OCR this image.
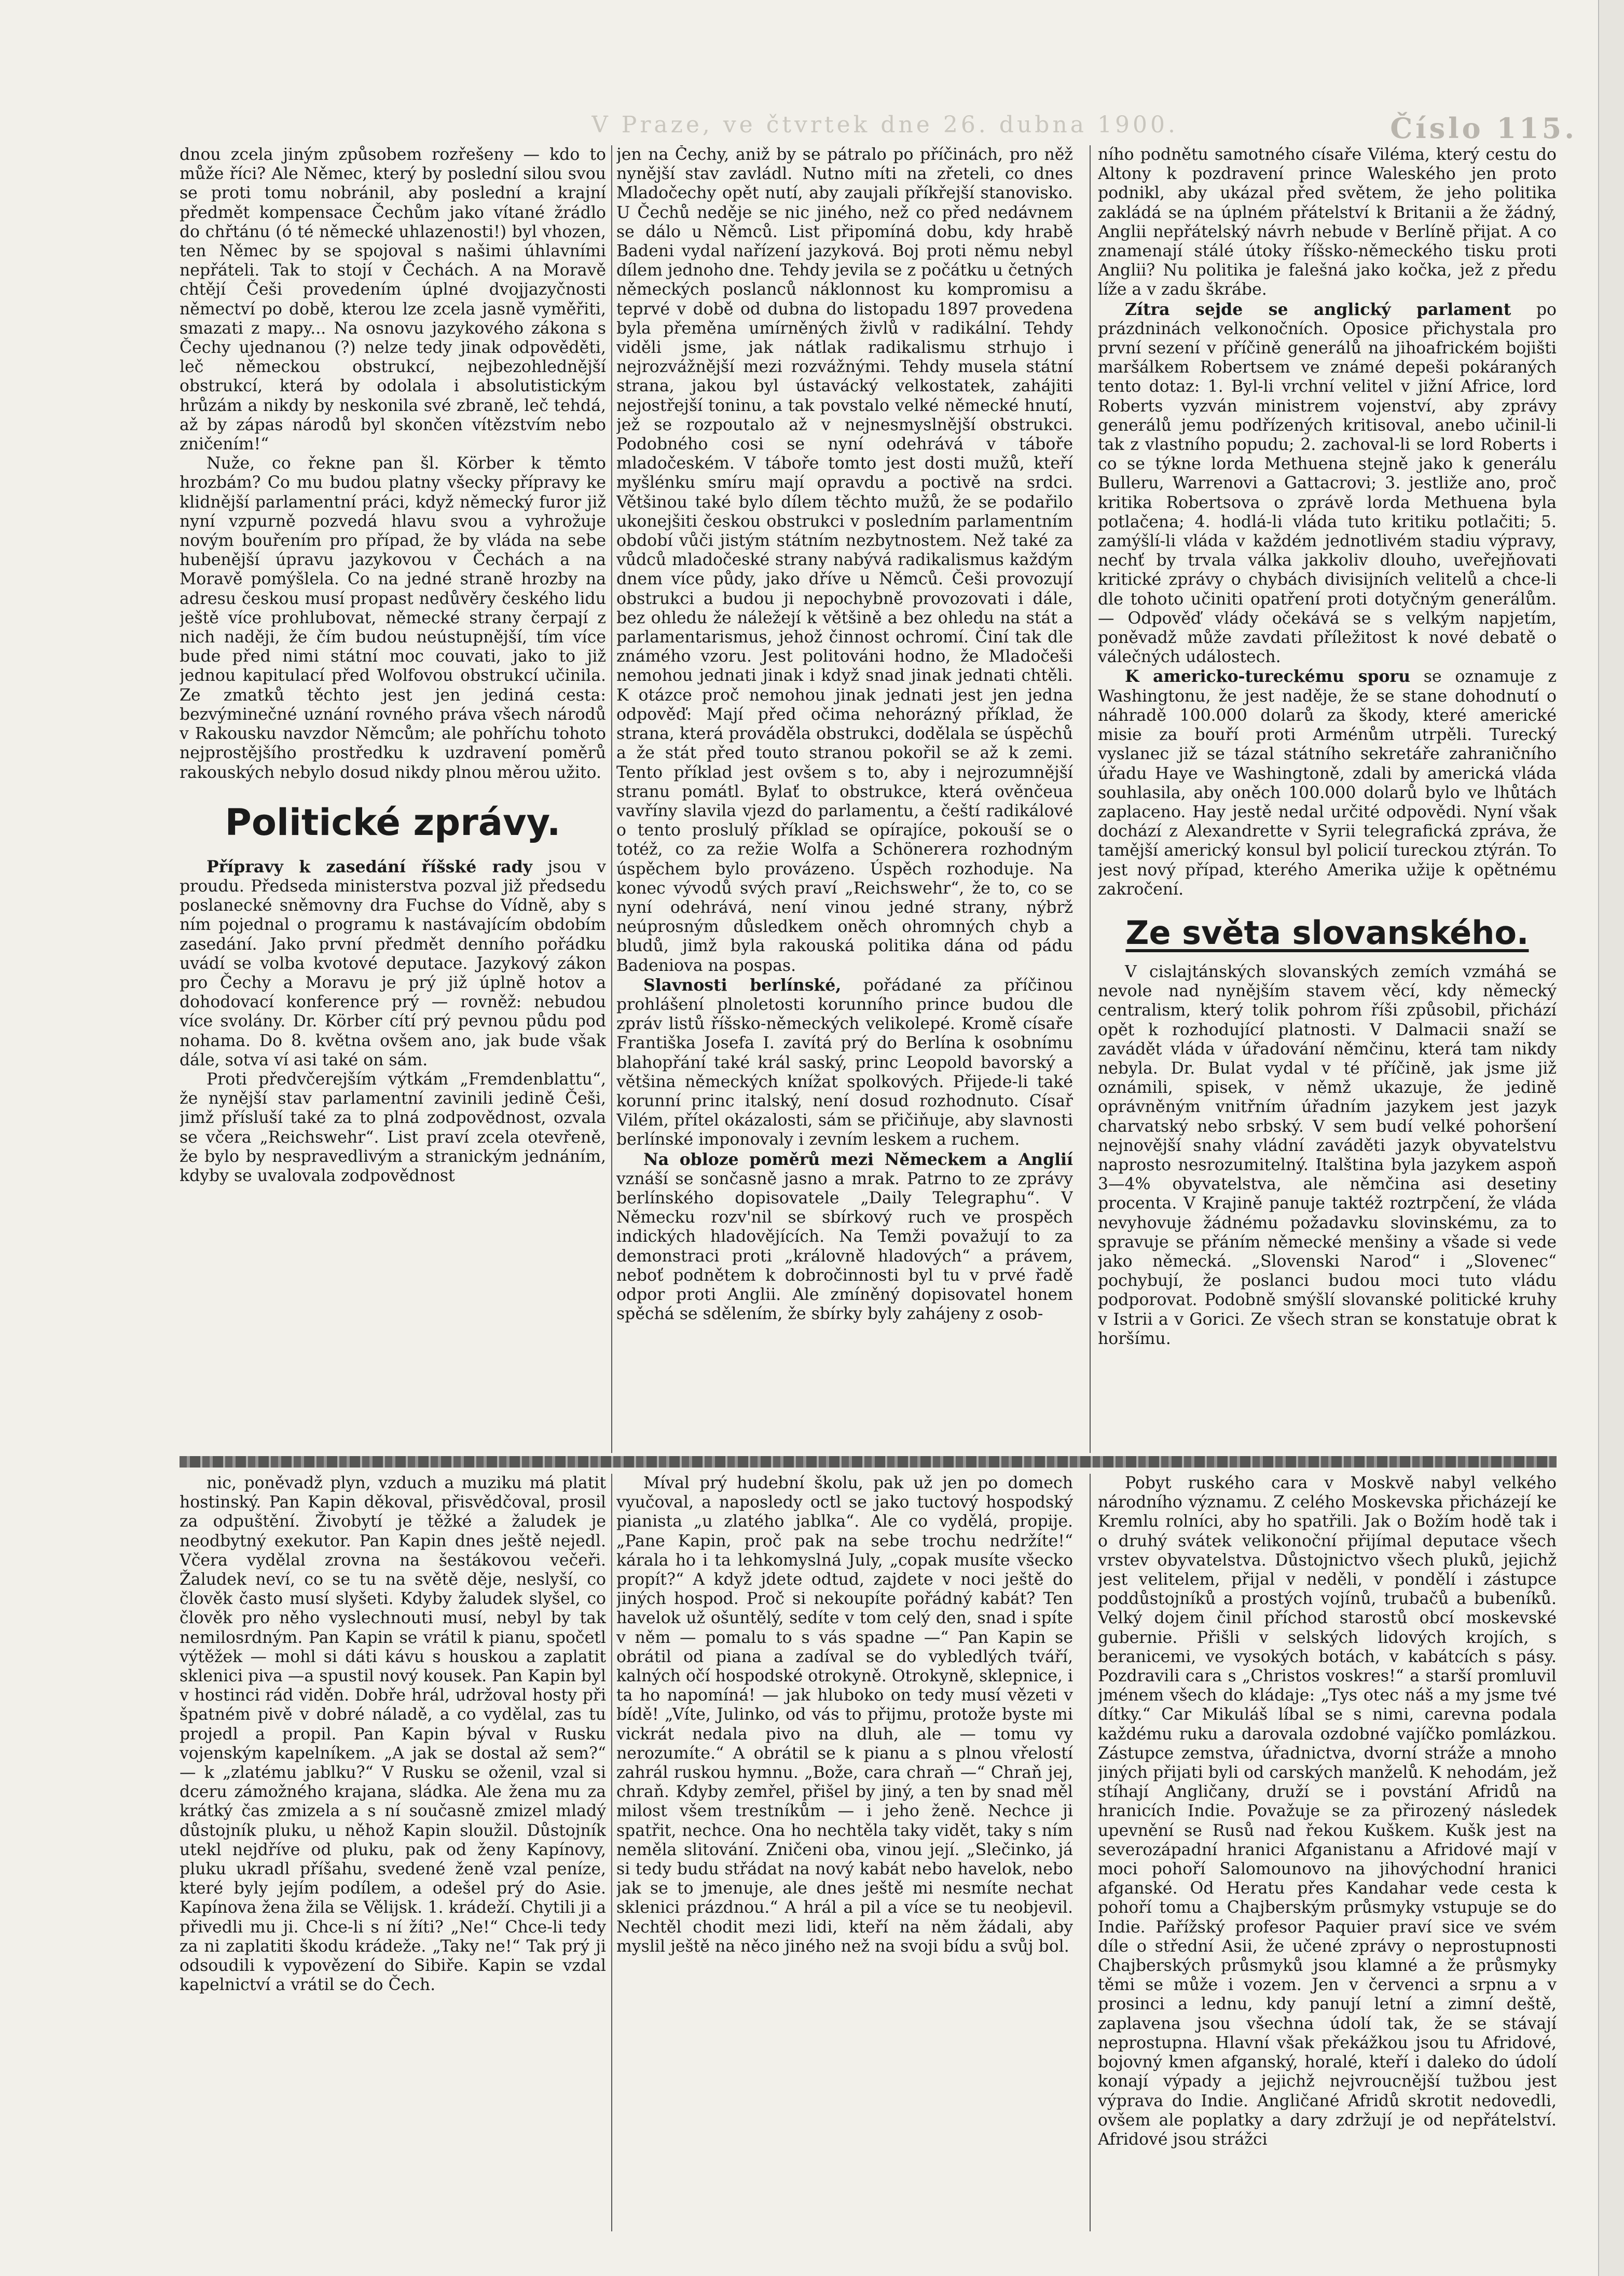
V Praze, ve čtvrtek dne 26. dubna 1900.	Číslo 115.

dnou zcela jiným způsobem rozřešeny — kdo to může říci? Ale Němec, který by poslední silou svou se proti tomu nobránil, aby poslední a krajní předmět kompensace Čechům jako vítané žrádlo do chřtánu (ó té německé uhlazenosti!) byl vhozen, ten Němec by se spojoval s našimi úhlavními nepřáteli. Tak to stojí v Čechách. A na Moravě chtějí Češi provedením úplné dvojjazyčnosti němectví po době, kterou lze zcela jasně vyměřiti, smazati z mapy... Na osnovu jazykového zákona s Čechy ujednanou (?) nelze tedy jinak odpověděti, leč německou obstrukcí, nejbezohlednější obstrukcí, která by odolala i absolutistickým hrůzám a nikdy by neskonila své zbraně, leč tehdá, až by zápas národů byl skončen vítězstvím nebo zničením!“

Nuže, co řekne pan šl. Körber k těmto hrozbám? Co mu budou platny všecky přípravy ke klidnější parlamentní práci, když německý furor již nyní vzpurně pozvedá hlavu svou a vyhrožuje novým bouřením pro případ, že by vláda na sebe hubenější úpravu jazykovou v Čechách a na Moravě pomýšlela. Co na jedné straně hrozby na adresu českou musí propast nedůvěry českého lidu ještě více prohlubovat, německé strany čerpají z nich naději, že čím budou neústupnější, tím více bude před nimi státní moc couvati, jako to již jednou kapitulací před Wolfovou obstrukcí učinila. Ze zmatků těchto jest jen jediná cesta: bezvýminečné uznání rovného práva všech národů v Rakousku navzdor Němcům; ale pohříchu tohoto nejprostějšího prostředku k uzdravení poměrů rakouských nebylo dosud nikdy plnou měrou užito.

Politické zprávy.

Přípravy k zasedání říšské rady jsou v proudu. Předseda ministerstva pozval již předsedu poslanecké sněmovny dra Fuchse do Vídně, aby s ním pojednal o programu k nastávajícím obdobím zasedání. Jako první předmět denního pořádku uvádí se volba kvotové deputace. Jazykový zákon pro Čechy a Moravu je prý již úplně hotov a dohodovací konference prý — rovněž: nebudou více svolány. Dr. Körber cítí prý pevnou půdu pod nohama. Do 8. května ovšem ano, jak bude však dále, sotva ví asi také on sám.

Proti předvčerejším výtkám „Fremdenblattu“, že nynější stav parlamentní zavinili jedině Češi, jimž přísluší také za to plná zodpovědnost, ozvala se včera „Reichswehr“. List praví zcela otevřeně, že bylo by nespravedlivým a stranickým jednáním, kdyby se uvalovala zodpovědnost

jen na Čechy, aniž by se pátralo po příčinách, pro něž nynější stav zavládl. Nutno míti na zřeteli, co dnes Mladočechy opět nutí, aby zaujali příkřejší stanovisko. U Čechů neděje se nic jiného, než co před nedávnem se dálo u Němců. List připomíná dobu, kdy hrabě Badeni vydal nařízení jazyková. Boj proti němu nebyl dílem jednoho dne. Tehdy jevila se z počátku u četných německých poslanců náklonnost ku kompromisu a teprvé v době od dubna do listopadu 1897 provedena byla přeměna umírněných živlů v radikální. Tehdy viděli jsme, jak nátlak radikalismu strhujo i nejrozvážnější mezi rozvážnými. Tehdy musela státní strana, jakou byl ústavácký velkostatek, zahájiti nejostřejší toninu, a tak povstalo velké německé hnutí, jež se rozpoutalo až v nejnesmyslnější obstrukci. Podobného cosi se nyní odehrává v táboře mladočeském. V táboře tomto jest dosti mužů, kteří myšlénku smíru mají opravdu a poctivě na srdci. Většinou také bylo dílem těchto mužů, že se podařilo ukonejšiti českou obstrukci v posledním parlamentním období vůči jistým státním nezbytnostem. Než také za vůdců mladočeské strany nabývá radikalismus každým dnem více půdy, jako dříve u Němců. Češi provozují obstrukci a budou ji nepochybně provozovati i dále, bez ohledu že náležejí k většině a bez ohledu na stát a parlamentarismus, jehož činnost ochromí. Činí tak dle známého vzoru. Jest politováni hodno, že Mladočeši nemohou jednati jinak i když snad jinak jednati chtěli. K otázce proč nemohou jinak jednati jest jen jedna odpověď: Mají před očima nehorázný příklad, že strana, která prováděla obstrukci, dodělala se úspěchů a že stát před touto stranou pokořil se až k zemi. Tento příklad jest ovšem s to, aby i nejrozumnější stranu pomátl. Bylať to obstrukce, která ověnčeua vavříny slavila vjezd do parlamentu, a čeští radikálové o tento proslulý příklad se opírajíce, pokouší se o totéž, co za režie Wolfa a Schönerera rozhodným úspěchem bylo provázeno. Úspěch rozhoduje. Na konec vývodů svých praví „Reichswehr“, že to, co se nyní odehrává, není vinou jedné strany, nýbrž neúprosným důsledkem oněch ohromných chyb a bludů, jimž byla rakouská politika dána od pádu Badeniova na pospas.

Slavnosti berlínské, pořádané za příčinou prohlášení plnoletosti korunního prince budou dle zpráv listů říšsko-německých velikolepé. Kromě císaře Františka Josefa I. zavítá prý do Berlína k osobnímu blahopřání také král saský, princ Leopold bavorský a většina německých knížat spolkových. Přijede-li také korunní princ italský, není dosud rozhodnuto. Císař Vilém, přítel okázalosti, sám se přičiňuje, aby slavnosti berlínské imponovaly i zevním leskem a ruchem.

Na obloze poměrů mezi Německem a Anglií vznáší se sončasně jasno a mrak. Patrno to ze zprávy berlínského dopisovatele „Daily Telegraphu“. V Německu rozv'nil se sbírkový ruch ve prospěch indických hladovějících. Na Temži považují to za demonstraci proti „královně hladových“ a právem, neboť podnětem k dobročinnosti byl tu v prvé řadě odpor proti Anglii. Ale zmíněný dopisovatel honem spěchá se sdělením, že sbírky byly zahájeny z osob-

ního podnětu samotného císaře Viléma, který cestu do Altony k pozdravení prince Waleského jen proto podnikl, aby ukázal před světem, že jeho politika zakládá se na úplném přátelství k Britanii a že žádný, Anglii nepřátelský návrh nebude v Berlíně přijat. A co znamenají stálé útoky říšsko-německého tisku proti Anglii? Nu politika je falešná jako kočka, jež z předu líže a v zadu škrábe.

Zítra sejde se anglický parlament po prázdninách velkonočních. Oposice přichystala pro první sezení v příčině generálů na jihoafrickém bojišti maršálkem Robertsem ve známé depeši pokáraných tento dotaz: 1. Byl-li vrchní velitel v jižní Africe, lord Roberts vyzván ministrem vojenství, aby zprávy generálů jemu podřízených kritisoval, anebo učinil-li tak z vlastního popudu; 2. zachoval-li se lord Roberts i co se týkne lorda Methuena stejně jako k generálu Bulleru, Warrenovi a Gattacrovi; 3. jestliže ano, proč kritika Robertsova o zprávě lorda Methuena byla potlačena; 4. hodlá-li vláda tuto kritiku potlačiti; 5. zamýšlí-li vláda v každém jednotlivém stadiu výpravy, nechť by trvala válka jakkoliv dlouho, uveřejňovati kritické zprávy o chybách divisijních velitelů a chce-li dle tohoto učiniti opatření proti dotyčným generálům. — Odpověď vlády očekává se s velkým napjetím, poněvadž může zavdati příležitost k nové debatě o válečných událostech.

K americko-tureckému sporu se oznamuje z Washingtonu, že jest naděje, že se stane dohodnutí o náhradě 100.000 dolarů za škody, které americké misie za bouří proti Arménům utrpěli. Turecký vyslanec již se tázal státního sekretáře zahraničního úřadu Haye ve Washingtoně, zdali by americká vláda souhlasila, aby oněch 100.000 dolarů bylo ve lhůtách zaplaceno. Hay jestě nedal určité odpovědi. Nyní však dochází z Alexandrette v Syrii telegrafická zpráva, že tamější americký konsul byl policií tureckou ztýrán. To jest nový případ, kterého Amerika užije k opětnému zakročení.

Ze světa slovanského.

V cislajtánských slovanských zemích vzmáhá se nevole nad nynějším stavem věcí, kdy německý centralism, který tolik pohrom říši způsobil, přichází opět k rozhodující platnosti. V Dalmacii snaží se zavádět vláda v úřadování němčinu, která tam nikdy nebyla. Dr. Bulat vydal v té příčině, jak jsme již oznámili, spisek, v němž ukazuje, že jedině oprávněným vnitřním úřadním jazykem jest jazyk charvatský nebo srbský. V sem budí velké pohoršení nejnovější snahy vládní zaváděti jazyk obyvatelstvu naprosto nesrozumitelný. Italština byla jazykem aspoň 3—4% obyvatelstva, ale němčina asi desetiny procenta. V Krajině panuje taktéž roztrpčení, že vláda nevyhovuje žádnému požadavku slovinskému, za to spravuje se přáním německé menšiny a všade si vede jako německá. „Slovenski Narod“ i „Slovenec“ pochybují, že poslanci budou moci tuto vládu podporovat. Podobně smýšlí slovanské politické kruhy v Istrii a v Gorici. Ze všech stran se konstatuje obrat k horšímu.

nic, poněvadž plyn, vzduch a muziku má platit hostinský. Pan Kapin děkoval, přisvědčoval, prosil za odpuštění. Živobytí je těžké a žaludek je neodbytný exekutor. Pan Kapin dnes ještě nejedl. Včera vydělal zrovna na šestákovou večeři. Žaludek neví, co se tu na světě děje, neslyší, co člověk často musí slyšeti. Kdyby žaludek slyšel, co člověk pro něho vyslechnouti musí, nebyl by tak nemilosrdným. Pan Kapin se vrátil k pianu, spočetl výtěžek — mohl si dáti kávu s houskou a zaplatit sklenici piva —a spustil nový kousek. Pan Kapin byl v hostinci rád viděn. Dobře hrál, udržoval hosty při špatném pivě v dobré náladě, a co vydělal, zas tu projedl a propil. Pan Kapin býval v Rusku vojenským kapelníkem. „A jak se dostal až sem?“ — k „zlatému jablku?“ V Rusku se oženil, vzal si dceru zámožného krajana, sládka. Ale žena mu za krátký čas zmizela a s ní současně zmizel mladý důstojník pluku, u něhož Kapin sloužil. Důstojník utekl nejdříve od pluku, pak od ženy Kapínovy, pluku ukradl příšahu, svedené ženě vzal peníze, které byly jejím podílem, a odešel prý do Asie. Kapínova žena žila se Vělijsk. 1. krádeží. Chytili ji a přivedli mu ji. Chce-li s ní žíti? „Ne!“ Chce-li tedy za ni zaplatiti škodu krádeže. „Taky ne!“ Tak prý ji odsoudili k vypovězení do Sibiře. Kapin se vzdal kapelnictví a vrátil se do Čech.

Míval prý hudební školu, pak už jen po domech vyučoval, a naposledy octl se jako tuctový hospodský pianista „u zlatého jablka“. Ale co vydělá, propije. „Pane Kapin, proč pak na sebe trochu nedržíte!“ kárala ho i ta lehkomyslná July, „copak musíte všecko propít?“ A když jdete odtud, zajdete v noci ještě do jiných hospod. Proč si nekoupíte pořádný kabát? Ten havelok už ošuntělý, sedíte v tom celý den, snad i spíte v něm — pomalu to s vás spadne —“ Pan Kapin se obrátil od piana a zadíval se do vybledlých tváří, kalných očí hospodské otrokyně. Otrokyně, sklepnice, i ta ho napomíná! — jak hluboko on tedy musí vězeti v bídě! „Víte, Julinko, od vás to přijmu, protože byste mi vickrát nedala pivo na dluh, ale — tomu vy nerozumíte.“ A obrátil se k pianu a s plnou vřelostí zahrál ruskou hymnu. „Bože, cara chraň —“ Chraň jej, chraň. Kdyby zemřel, přišel by jiný, a ten by snad měl milost všem trestníkům — i jeho ženě. Nechce ji spatřit, nechce. Ona ho nechtěla taky vidět, taky s ním neměla slitování. Zničeni oba, vinou její. „Slečinko, já si tedy budu střádat na nový kabát nebo havelok, nebo jak se to jmenuje, ale dnes ještě mi nesmíte nechat sklenici prázdnou.“ A hrál a pil a více se tu neobjevil. Nechtěl chodit mezi lidi, kteří na něm žádali, aby myslil ještě na něco jiného než na svoji bídu a svůj bol.

Pobyt ruského cara v Moskvě nabyl velkého národního významu. Z celého Moskevska přicházejí ke Kremlu rolníci, aby ho spatřili. Jak o Božím hodě tak i o druhý svátek velikonoční přijímal deputace všech vrstev obyvatelstva. Důstojnictvo všech pluků, jejichž jest velitelem, přijal v neděli, v pondělí i zástupce poddůstojníků a prostých vojínů, trubačů a bubeníků. Velký dojem činil příchod starostů obcí moskevské gubernie. Přišli v selských lidových krojích, s beranicemi, ve vysokých botách, v kabátcích s pásy. Pozdravili cara s „Christos voskres!“ a starší promluvil jménem všech do kládaje: „Tys otec náš a my jsme tvé dítky.“ Car Mikuláš líbal se s nimi, carevna podala každému ruku a darovala ozdobné vajíčko pomlázkou. Zástupce zemstva, úřadnictva, dvorní stráže a mnoho jiných přijati byli od carských manželů. K nehodám, jež stíhají Angličany, druží se i povstání Afridů na hranicích Indie. Považuje se za přirozený následek upevnění se Rusů nad řekou Kuškem. Kušk jest na severozápadní hranici Afganistanu a Afridové mají v moci pohoří Salomounovo na jihovýchodní hranici afganské. Od Heratu přes Kandahar vede cesta k pohoří tomu a Chajberským průsmyky vstupuje se do Indie. Pařížský profesor Paquier praví sice ve svém díle o střední Asii, že učené zprávy o neprostupnosti Chajberských průsmyků jsou klamné a že průsmyky těmi se může i vozem. Jen v červenci a srpnu a v prosinci a lednu, kdy panují letní a zimní deště, zaplavena jsou všechna údolí tak, že se stávají neprostupna. Hlavní však překážkou jsou tu Afridové, bojovný kmen afganský, horalé, kteří i daleko do údolí konají výpady a jejichž nejvroucnější tužbou jest výprava do Indie. Angličané Afridů skrotit nedovedli, ovšem ale poplatky a dary zdržují je od nepřátelství. Afridové jsou strážci
